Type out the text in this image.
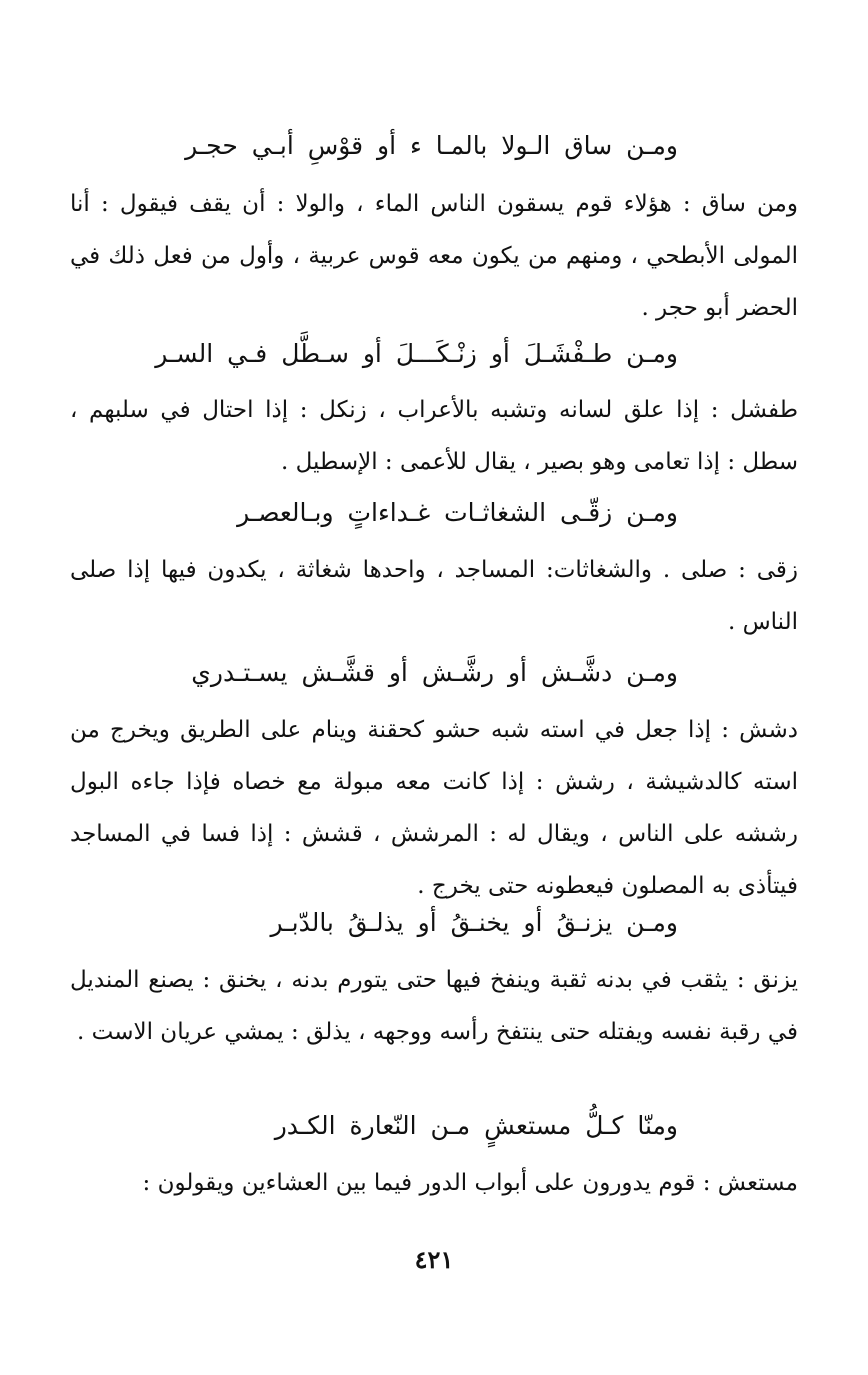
ومـن ساق الـولا بالمـا ء أو قوْسِ أبـي حجـر
ومن ساق : هؤلاء قوم يسقون الناس الماء ، والولا : أن يقف فيقول : أنا المولى الأبطحي ، ومنهم من يكون معه قوس عربية ، وأول من فعل ذلك في الحضر أبو حجر .
ومـن طـفْشَـلَ أو زنْـكَـــلَ أو سـطَّل فـي السـر
طفشل : إذا علق لسانه وتشبه بالأعراب ، زنكل : إذا احتال في سلبهم ، سطل : إذا تعامى وهو بصير ، يقال للأعمى : الإسطيل .
ومـن زقّـى الشغاثـات غـداءاتٍ وبـالعصـر
زقى : صلى . والشغاثات: المساجد ، واحدها شغاثة ، يكدون فيها إذا صلى الناس .
ومـن دشَّـش أو رشَّـش أو قشَّـش يسـتـدري
دشش : إذا جعل في استه شبه حشو كحقنة وينام على الطريق ويخرج من استه كالدشيشة ، رشش : إذا كانت معه مبولة مع خصاه فإذا جاءه البول رششه على الناس ، ويقال له : المرشش ، قشش : إذا فسا في المساجد فيتأذى به المصلون فيعطونه حتى يخرج .
ومـن يزنـقُ أو يخنـقُ أو يذلـقُ بالدّبـر
يزنق : يثقب في بدنه ثقبة وينفخ فيها حتى يتورم بدنه ، يخنق : يصنع المنديل في رقبة نفسه ويفتله حتى ينتفخ رأسه ووجهه ، يذلق : يمشي عريان الاست .
ومنّا كـلُّ مستعشٍ مـن النّعارة الكـدر
مستعش : قوم يدورون على أبواب الدور فيما بين العشاءين ويقولون :
٤٢١
